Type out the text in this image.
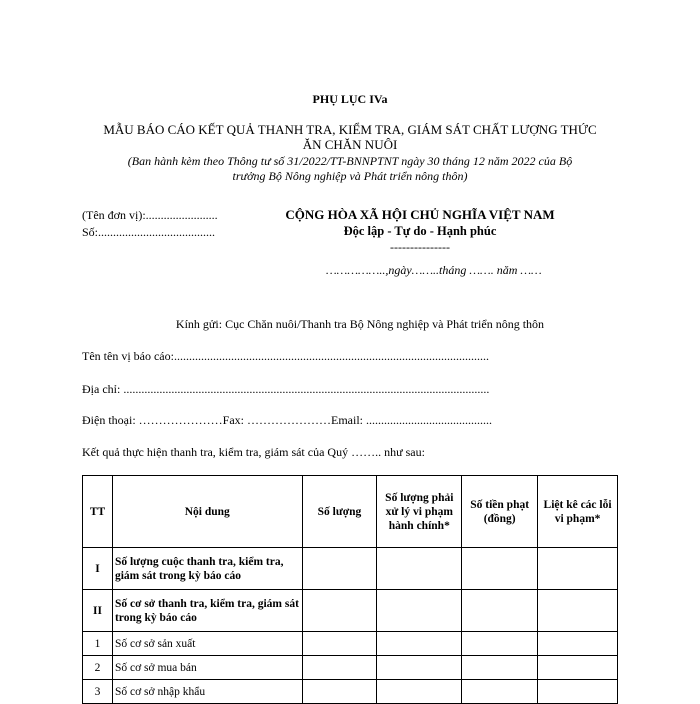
PHỤ LỤC IVa
MẪU BÁO CÁO KẾT QUẢ THANH TRA, KIỂM TRA, GIÁM SÁT CHẤT LƯỢNG THỨC
ĂN CHĂN NUÔI
(Ban hành kèm theo Thông tư số 31/2022/TT-BNNPTNT ngày 30 tháng 12 năm 2022 của Bộ
trưởng Bộ Nông nghiệp và Phát triển nông thôn)
(Tên đơn vị):........................
Số:.......................................
CỘNG HÒA XÃ HỘI CHỦ NGHĨA VIỆT NAM
Độc lập - Tự do - Hạnh phúc
---------------
……………..,ngày……..tháng ……. năm ……
Kính gửi: Cục Chăn nuôi/Thanh tra Bộ Nông nghiệp và Phát triển nông thôn
Tên tên vị báo cáo:.........................................................................................................
Địa chỉ: ..........................................................................................................................
Điện thoại: …………………Fax: …………………Email: ..........................................
Kết quả thực hiện thanh tra, kiểm tra, giám sát của Quý …….. như sau:
TT	Nội dung	Số lượng	Số lượng phải xử lý vi phạm hành chính*	Số tiền phạt (đồng)	Liệt kê các lỗi vi phạm*
I	Số lượng cuộc thanh tra, kiểm tra, giám sát trong kỳ báo cáo				
II	Số cơ sở thanh tra, kiểm tra, giám sát trong kỳ báo cáo				
1	Số cơ sở sản xuất				
2	Số cơ sở mua bán				
3	Số cơ sở nhập khẩu				
